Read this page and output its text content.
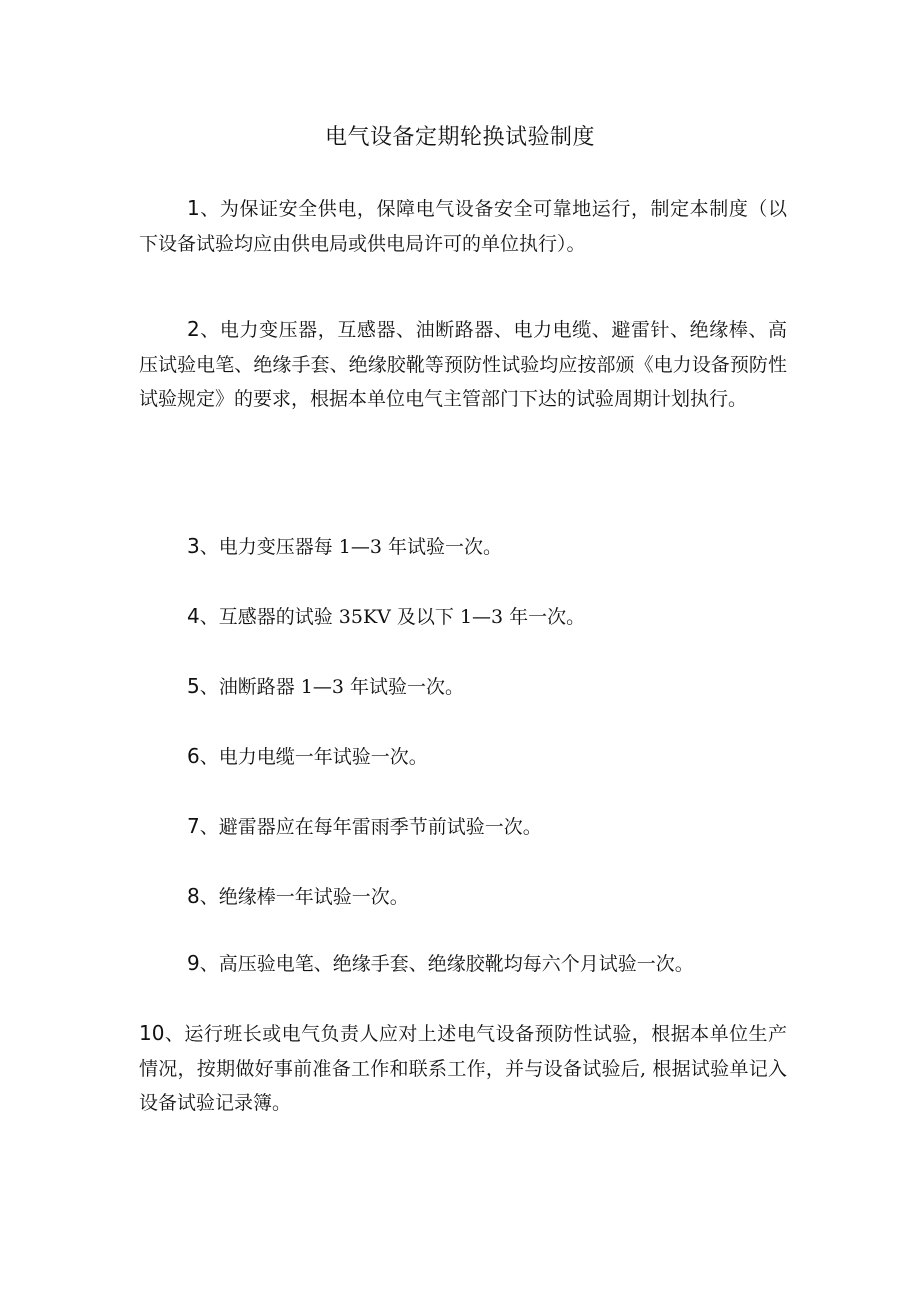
电气设备定期轮换试验制度

1、为保证安全供电，保障电气设备安全可靠地运行，制定本制度（以下设备试验均应由供电局或供电局许可的单位执行）。

2、电力变压器，互感器、油断路器、电力电缆、避雷针、绝缘棒、高压试验电笔、绝缘手套、绝缘胶靴等预防性试验均应按部颁《电力设备预防性试验规定》的要求，根据本单位电气主管部门下达的试验周期计划执行。

3、电力变压器每 1—3 年试验一次。

4、互感器的试验 35KV 及以下 1—3 年一次。

5、油断路器 1—3 年试验一次。

6、电力电缆一年试验一次。

7、避雷器应在每年雷雨季节前试验一次。

8、绝缘棒一年试验一次。

9、高压验电笔、绝缘手套、绝缘胶靴均每六个月试验一次。

10、运行班长或电气负责人应对上述电气设备预防性试验，根据本单位生产情况，按期做好事前准备工作和联系工作，并与设备试验后, 根据试验单记入设备试验记录簿。
